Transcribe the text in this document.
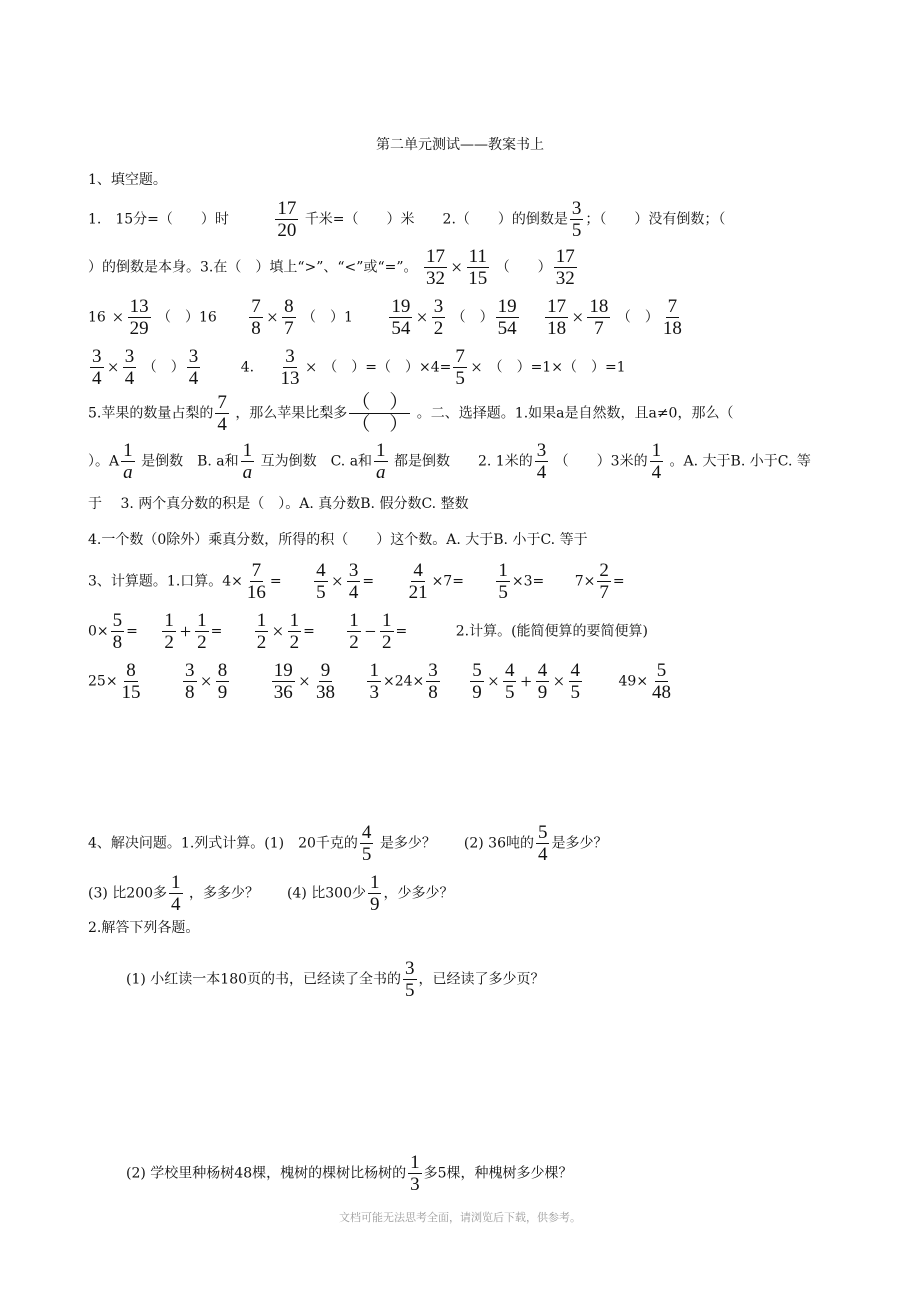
第二单元测试——教案书上
1、填空题。
1.　15分=（　　）时 $\frac{17}{20}$ 千米=（　　）米　　2.（　　）的倒数是 $\frac{3}{5}$ ；（　　）没有倒数；（
）的倒数是本身。3.在（　）填上“>”、“<”或“=”。 $\frac{17}{32} \times \frac{11}{15}$ （　　） $\frac{17}{32}$
$16 \times \frac{13}{29}$ （　）$16 \frac{7}{8} \times \frac{8}{7}$ （　）$1 \frac{19}{54} \times \frac{3}{2}$ （　） $\frac{19}{54}$
$\frac{17}{18} \times \frac{18}{7}$ （　） $\frac{7}{18}$
$\frac{3}{4} \times \frac{3}{4}$ （　） $\frac{3}{4}$	4. $\frac{3}{13}$ × （　）=（　）$\times 4= \frac{7}{5}$ × （　）=1×（　）=1
5.苹果的数量占梨的 $\frac{7}{4}$ ，那么苹果比梨多 $\frac{( )}{( )}$ 。二、选择题。1.如果a是自然数，且a≠0，那么（
）。A $\frac{1}{a}$ 是倒数　B. a和 $\frac{1}{a}$ 互为倒数　C. a和 $\frac{1}{a}$ 都是倒数　　2. 1米的 $\frac{3}{4}$ （　　）3米的 $\frac{1}{4}$ 。A. 大于B. 小于C. 等
于　 3. 两个真分数的积是（　）。A. 真分数B. 假分数C. 整数
4.一个数（0除外）乘真分数，所得的积（　　）这个数。A. 大于B. 小于C. 等于
3、计算题。1.口算。$4\times \frac{7}{16} = \frac{4}{5} \times \frac{3}{4} = \frac{4}{21} \times 7= \frac{1}{5} \times 3= 7\times \frac{2}{7}$ =
$0\times \frac{5}{8} = \frac{1}{2} + \frac{1}{2} = \frac{1}{2} \times \frac{1}{2} = \frac{1}{2} - \frac{1}{2}$ =	2.计算。(能简便算的要简便算)
$25\times \frac{8}{15}$
$\frac{3}{8} \times \frac{8}{9}$
$\frac{19}{36} \times \frac{9}{38}$
$\frac{1}{3} \times 24\times \frac{3}{8}$
$\frac{5}{9} \times \frac{4}{5} + \frac{4}{9} \times \frac{4}{5}$	$49\times \frac{5}{48}$
4、解决问题。1.列式计算。(1)　20千克的 $\frac{4}{5}$ 是多少？　　(2) 36吨的 $\frac{5}{4}$ 是多少？
(3) 比200多 $\frac{1}{4}$ ，多多少？　　(4) 比300少 $\frac{1}{9}$ ，少多少？
2.解答下列各题。
(1) 小红读一本180页的书，已经读了全书的 $\frac{3}{5}$ ，已经读了多少页？
(2) 学校里种杨树48棵，槐树的棵树比杨树的 $\frac{1}{3}$ 多5棵，种槐树多少棵？
文档可能无法思考全面，请浏览后下载，供参考。
